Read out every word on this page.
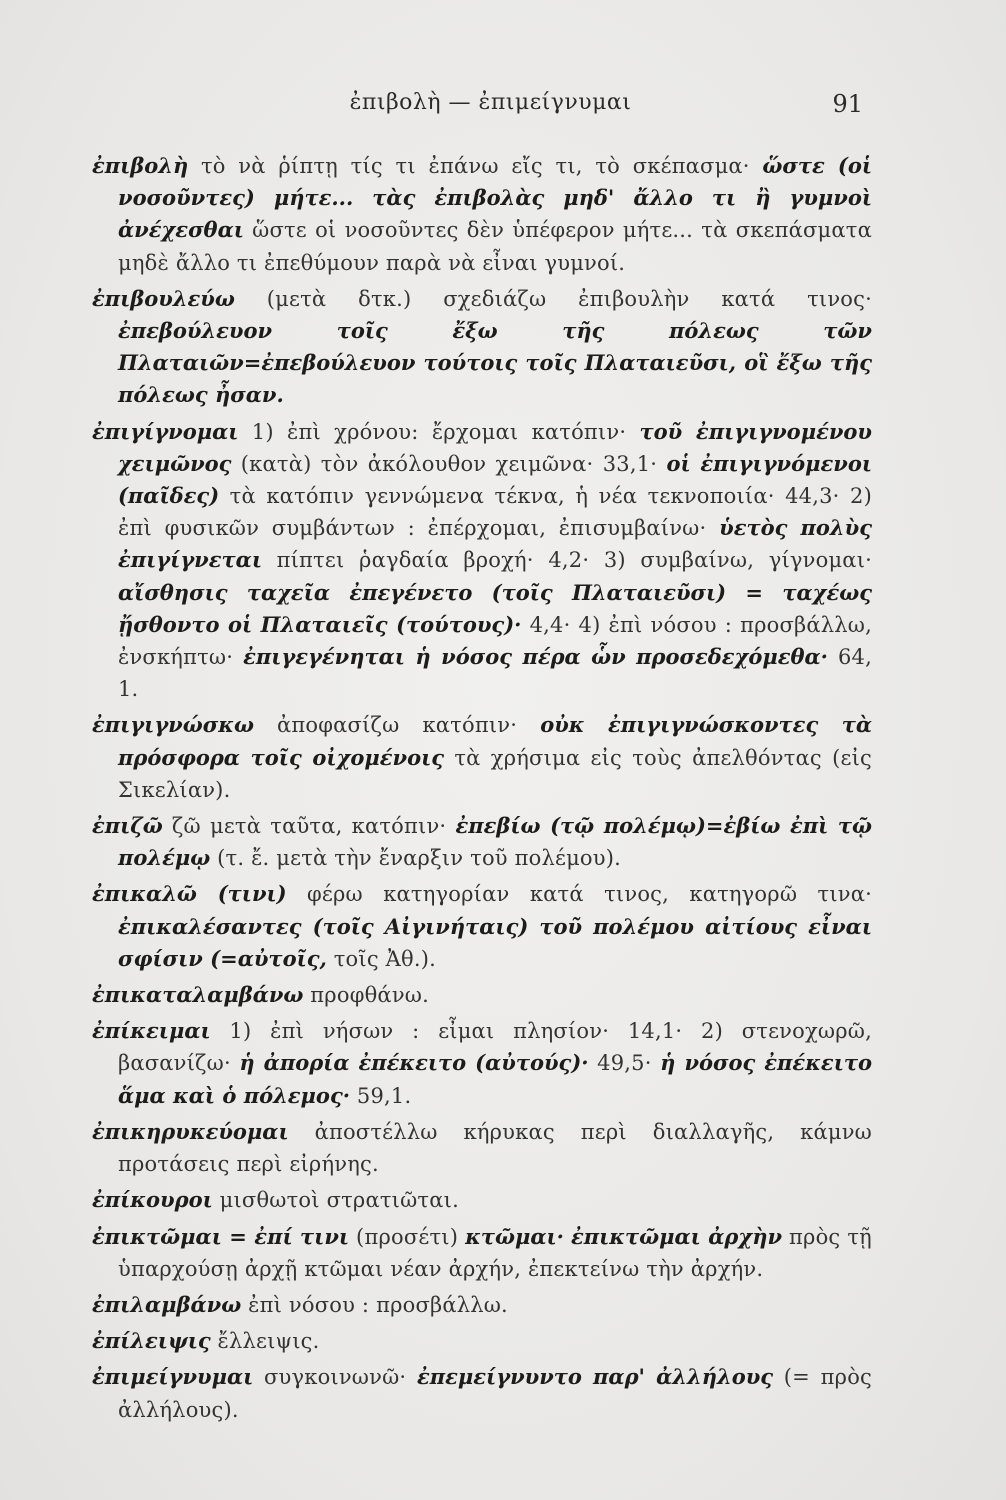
ἐπιβολὴ — ἐπιμείγνυμαι	91

ἐπιβολὴ τὸ νὰ ῥίπτῃ τίς τι ἐπάνω εἴς τι, τὸ σκέπασμα· ὥστε (οἱ νοσοῦντες) μήτε... τὰς ἐπιβολὰς μηδ' ἄλλο τι ἢ γυμνοὶ ἀνέχεσθαι ὥστε οἱ νοσοῦντες δὲν ὑπέφερον μήτε... τὰ σκεπάσματα μηδὲ ἄλλο τι ἐπεθύμουν παρὰ νὰ εἶναι γυμνοί.

ἐπιβουλεύω (μετὰ δτκ.) σχεδιάζω ἐπιβουλὴν κατά τινος· ἐπεβούλευον τοῖς ἔξω τῆς πόλεως τῶν Πλαταιῶν=ἐπεβούλευον τούτοις τοῖς Πλαταιεῦσι, οἳ ἔξω τῆς πόλεως ἦσαν.

ἐπιγίγνομαι 1) ἐπὶ χρόνου: ἔρχομαι κατόπιν· τοῦ ἐπιγιγνομένου χειμῶνος (κατὰ) τὸν ἀκόλουθον χειμῶνα· 33,1· οἱ ἐπιγιγνόμενοι (παῖδες) τὰ κατόπιν γεννώμενα τέκνα, ἡ νέα τεκνοποιία· 44,3· 2) ἐπὶ φυσικῶν συμβάντων : ἐπέρχομαι, ἐπισυμβαίνω· ὑετὸς πολὺς ἐπιγίγνεται πίπτει ῥαγδαία βροχή· 4,2· 3) συμβαίνω, γίγνομαι· αἴσθησις ταχεῖα ἐπεγένετο (τοῖς Πλαταιεῦσι) = ταχέως ᾔσθοντο οἱ Πλαταιεῖς (τούτους)· 4,4· 4) ἐπὶ νόσου : προσβάλλω, ἐνσκήπτω· ἐπιγεγένηται ἡ νόσος πέρα ὧν προσεδεχόμεθα· 64, 1.

ἐπιγιγνώσκω ἀποφασίζω κατόπιν· οὐκ ἐπιγιγνώσκοντες τὰ πρόσφορα τοῖς οἰχομένοις τὰ χρήσιμα εἰς τοὺς ἀπελθόντας (εἰς Σικελίαν).

ἐπιζῶ ζῶ μετὰ ταῦτα, κατόπιν· ἐπεβίω (τῷ πολέμῳ)=ἐβίω ἐπὶ τῷ πολέμῳ (τ. ἔ. μετὰ τὴν ἔναρξιν τοῦ πολέμου).

ἐπικαλῶ (τινι) φέρω κατηγορίαν κατά τινος, κατηγορῶ τινα· ἐπικαλέσαντες (τοῖς Αἰγινήταις) τοῦ πολέμου αἰτίους εἶναι σφίσιν (=αὐτοῖς, τοῖς Ἀθ.).

ἐπικαταλαμβάνω προφθάνω.

ἐπίκειμαι 1) ἐπὶ νήσων : εἶμαι πλησίον· 14,1· 2) στενοχωρῶ, βασανίζω· ἡ ἀπορία ἐπέκειτο (αὐτούς)· 49,5· ἡ νόσος ἐπέκειτο ἅμα καὶ ὁ πόλεμος· 59,1.

ἐπικηρυκεύομαι ἀποστέλλω κήρυκας περὶ διαλλαγῆς, κάμνω προτάσεις περὶ εἰρήνης.

ἐπίκουροι μισθωτοὶ στρατιῶται.

ἐπικτῶμαι = ἐπί τινι (προσέτι) κτῶμαι· ἐπικτῶμαι ἀρχὴν πρὸς τῇ ὑπαρχούσῃ ἀρχῇ κτῶμαι νέαν ἀρχήν, ἐπεκτείνω τὴν ἀρχήν.

ἐπιλαμβάνω ἐπὶ νόσου : προσβάλλω.

ἐπίλειψις ἔλλειψις.

ἐπιμείγνυμαι συγκοινωνῶ· ἐπεμείγνυντο παρ' ἀλλήλους (= πρὸς ἀλλήλους).
